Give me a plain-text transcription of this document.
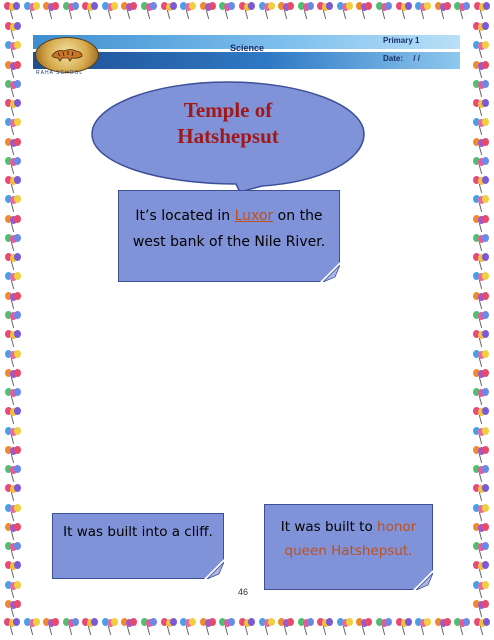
RAHA SCHOOL
Science
Primary 1
Date: / /
Temple of
Hatshepsut
It’s located in Luxor on the west bank of the Nile River.
It was built into a cliff.	It was built to honor queen Hatshepsut.
46
